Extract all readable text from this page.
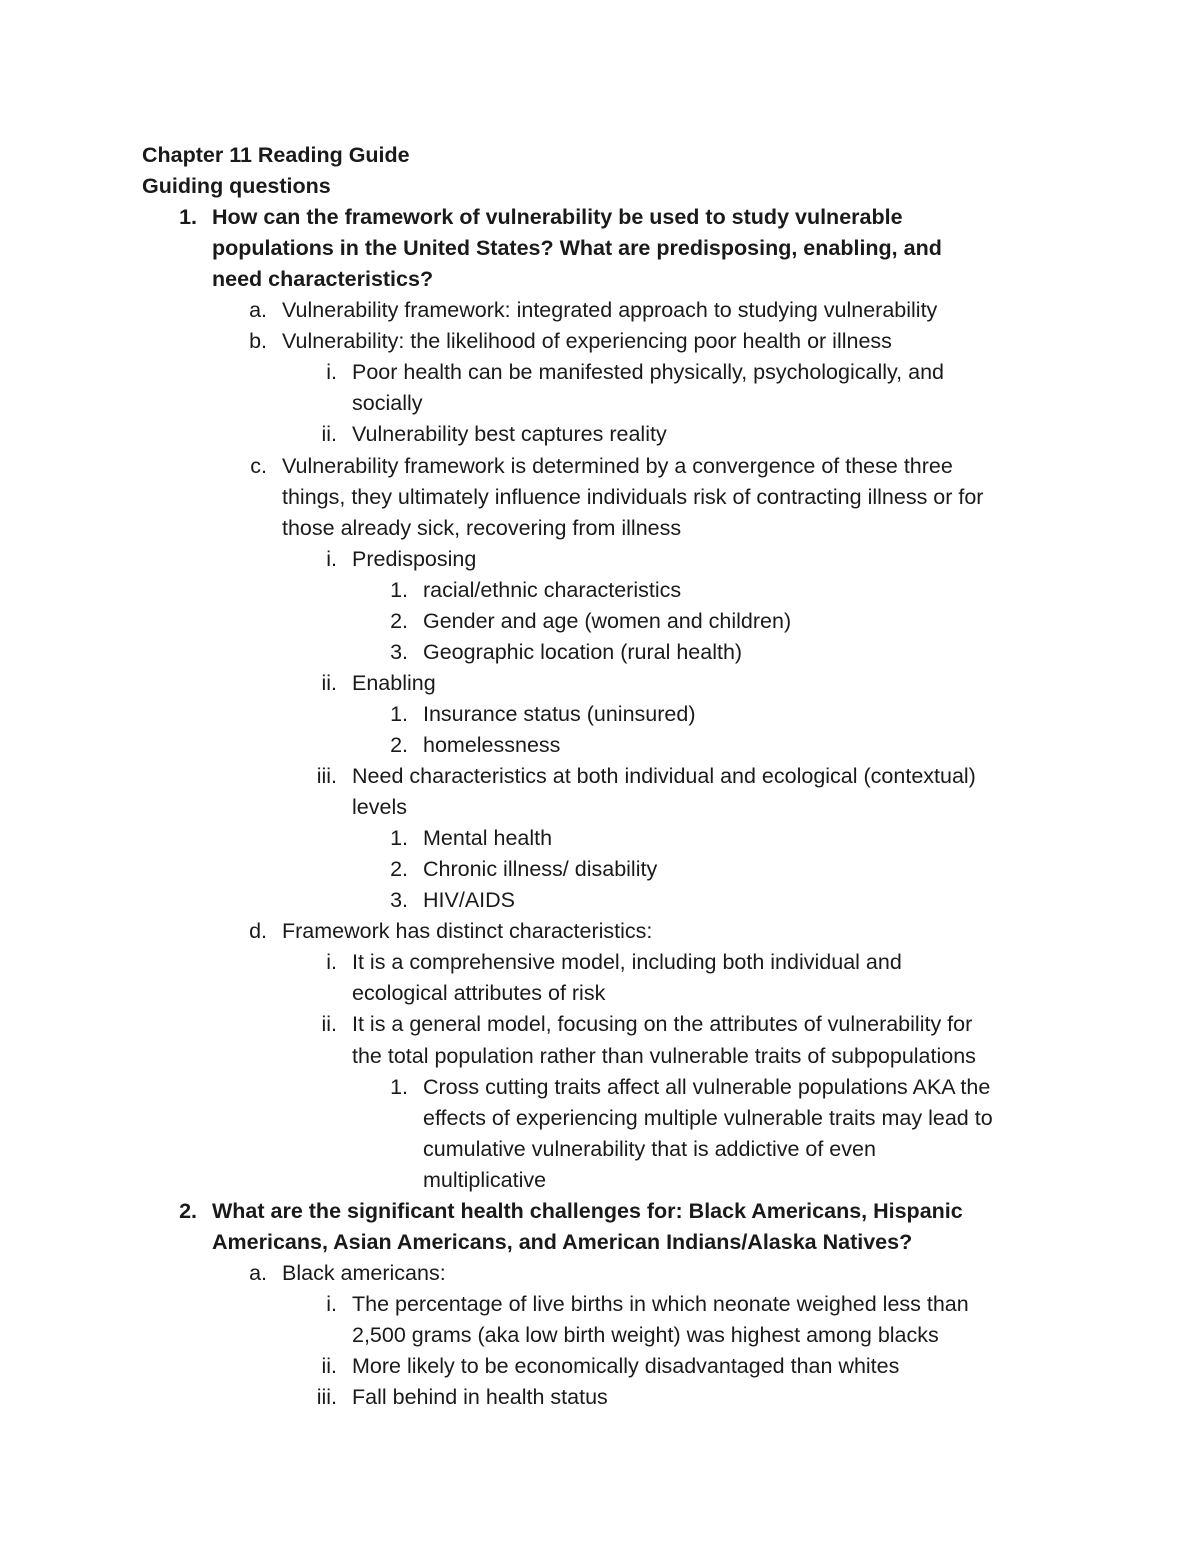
Chapter 11 Reading Guide
Guiding questions
1. How can the framework of vulnerability be used to study vulnerable
populations in the United States? What are predisposing, enabling, and
need characteristics?
a. Vulnerability framework: integrated approach to studying vulnerability
b. Vulnerability: the likelihood of experiencing poor health or illness
i. Poor health can be manifested physically, psychologically, and
socially
ii. Vulnerability best captures reality
c. Vulnerability framework is determined by a convergence of these three
things, they ultimately influence individuals risk of contracting illness or for
those already sick, recovering from illness
i. Predisposing
1. racial/ethnic characteristics
2. Gender and age (women and children)
3. Geographic location (rural health)
ii. Enabling
1. Insurance status (uninsured)
2. homelessness
iii. Need characteristics at both individual and ecological (contextual)
levels
1. Mental health
2. Chronic illness/ disability
3. HIV/AIDS
d. Framework has distinct characteristics:
i. It is a comprehensive model, including both individual and
ecological attributes of risk
ii. It is a general model, focusing on the attributes of vulnerability for
the total population rather than vulnerable traits of subpopulations
1. Cross cutting traits affect all vulnerable populations AKA the
effects of experiencing multiple vulnerable traits may lead to
cumulative vulnerability that is addictive of even
multiplicative
2. What are the significant health challenges for: Black Americans, Hispanic
Americans, Asian Americans, and American Indians/Alaska Natives?
a. Black americans:
i. The percentage of live births in which neonate weighed less than
2,500 grams (aka low birth weight) was highest among blacks
ii. More likely to be economically disadvantaged than whites
iii. Fall behind in health status
